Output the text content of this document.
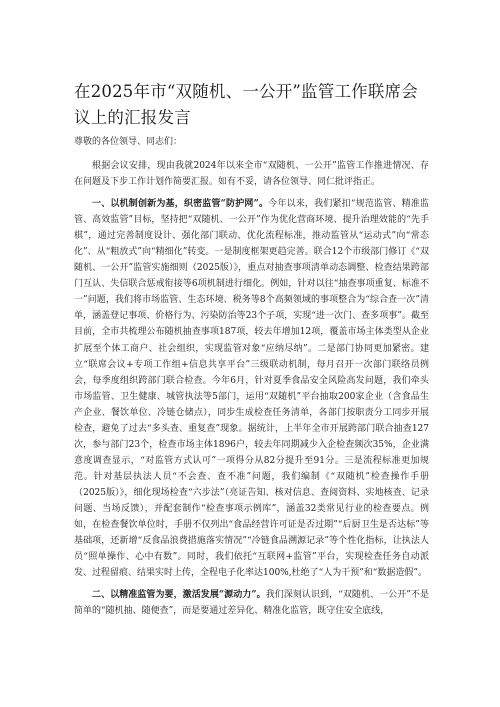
在2025年市“双随机、一公开”监管工作联席会议上的汇报发言
尊敬的各位领导、同志们：

根据会议安排，现由我就2024年以来全市“双随机、一公开”监管工作推进情况、存在问题及下步工作计划作简要汇报。如有不妥，请各位领导、同仁批评指正。

一、以机制创新为基，织密监管“防护网”。今年以来，我们紧扣“规范监管、精准监管、高效监管”目标，坚持把“双随机、一公开”作为优化营商环境、提升治理效能的“先手棋”，通过完善制度设计、强化部门联动、优化流程标准，推动监管从“运动式”向“常态化”、从“粗放式”向“精细化”转变。一是制度框架更趋完善。联合12个市级部门修订《“双随机、一公开”监管实施细则（2025版）》，重点对抽查事项清单动态调整、检查结果跨部门互认、失信联合惩戒衔接等6项机制进行细化。例如，针对以往“抽查事项重复、标准不一”问题，我们将市场监管、生态环境、税务等8个高频领域的事项整合为“综合查一次”清单，涵盖登记事项、价格行为、污染防治等23个子项，实现“进一次门、查多项事”。截至目前，全市共梳理公布随机抽查事项187项，较去年增加12项，覆盖市场主体类型从企业扩展至个体工商户、社会组织，实现监管对象“应纳尽纳”。二是部门协同更加紧密。建立“联席会议+专项工作组+信息共享平台”三级联动机制，每月召开一次部门联络员例会，每季度组织跨部门联合检查。今年6月，针对夏季食品安全风险高发问题，我们牵头市场监管、卫生健康、城管执法等5部门，运用“双随机”平台抽取200家企业（含食品生产企业、餐饮单位、冷链仓储点），同步生成检查任务清单，各部门按职责分工同步开展检查，避免了过去“多头查、重复查”现象。据统计，上半年全市开展跨部门联合抽查127次，参与部门23个，检查市场主体1896户，较去年同期减少入企检查频次35%，企业满意度调查显示，“对监管方式认可”一项得分从82分提升至91分。三是流程标准更加规范。针对基层执法人员“不会查、查不准”问题，我们编制《“双随机”检查操作手册（2025版）》，细化现场检查“六步法”（亮证告知、核对信息、查阅资料、实地核查、记录问题、当场反馈），并配套制作“检查事项示例库”，涵盖32类常见行业的检查要点。例如，在检查餐饮单位时，手册不仅列出“食品经营许可证是否过期”“后厨卫生是否达标”等基础项，还新增“反食品浪费措施落实情况”“冷链食品溯源记录”等个性化指标，让执法人员“照单操作、心中有数”。同时，我们依托“互联网+监管”平台，实现检查任务自动派发、过程留痕、结果实时上传，全程电子化率达100%,杜绝了“人为干预”和“数据造假”。

二、以精准监管为要，激活发展“源动力”。我们深刻认识到，“双随机、一公开”不是简单的“随机抽、随便查”，而是要通过差异化、精准化监管，既守住安全底线，
